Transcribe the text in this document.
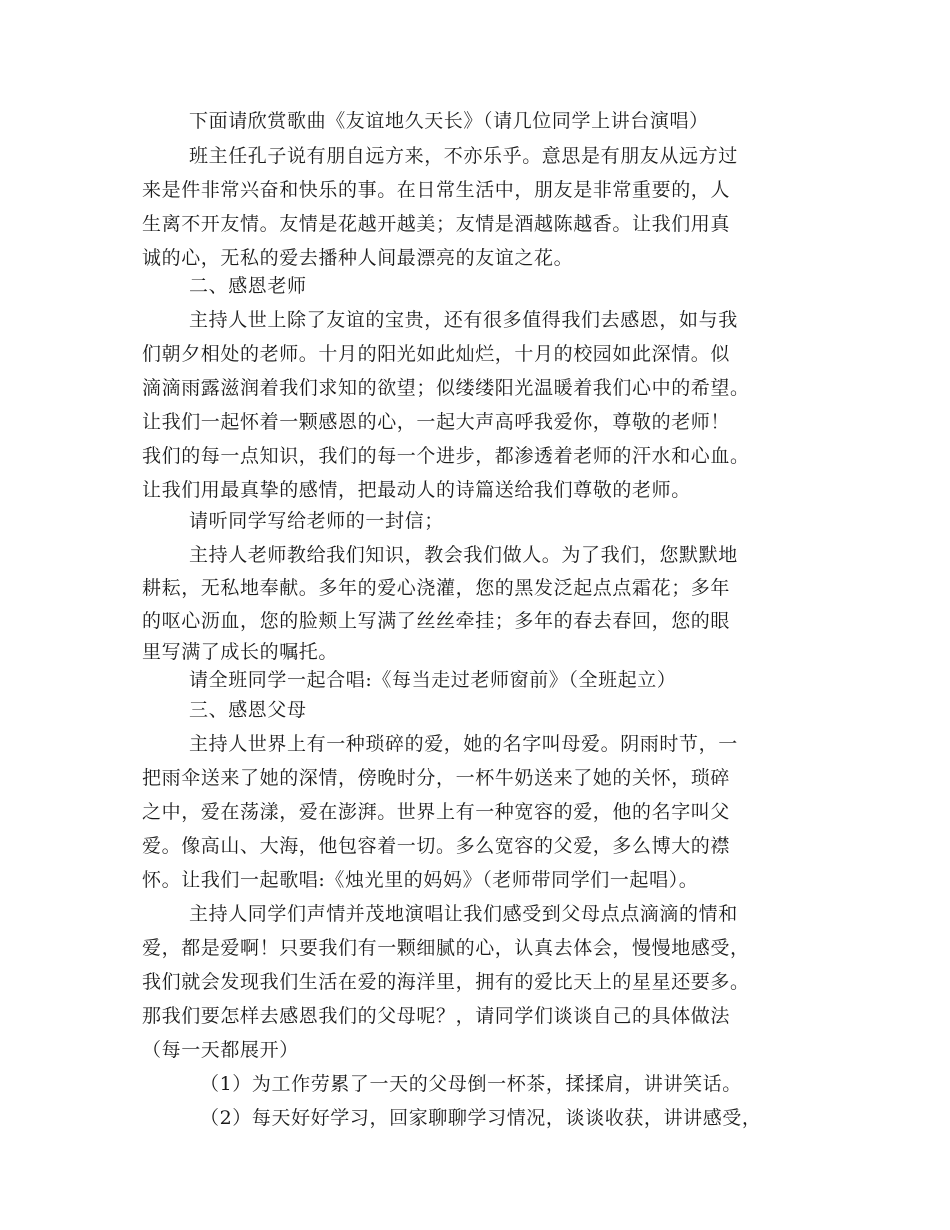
下面请欣赏歌曲《友谊地久天长》（请几位同学上讲台演唱）
班主任孔子说有朋自远方来，不亦乐乎。意思是有朋友从远方过
来是件非常兴奋和快乐的事。在日常生活中，朋友是非常重要的，人
生离不开友情。友情是花越开越美；友情是酒越陈越香。让我们用真
诚的心，无私的爱去播种人间最漂亮的友谊之花。
二、感恩老师
主持人世上除了友谊的宝贵，还有很多值得我们去感恩，如与我
们朝夕相处的老师。十月的阳光如此灿烂，十月的校园如此深情。似
滴滴雨露滋润着我们求知的欲望；似缕缕阳光温暖着我们心中的希望。
让我们一起怀着一颗感恩的心，一起大声高呼我爱你，尊敬的老师！
我们的每一点知识，我们的每一个进步，都渗透着老师的汗水和心血。
让我们用最真挚的感情，把最动人的诗篇送给我们尊敬的老师。
请听同学写给老师的一封信；
主持人老师教给我们知识，教会我们做人。为了我们，您默默地
耕耘，无私地奉献。多年的爱心浇灌，您的黑发泛起点点霜花；多年
的呕心沥血，您的脸颊上写满了丝丝牵挂；多年的春去春回，您的眼
里写满了成长的嘱托。
请全班同学一起合唱:《每当走过老师窗前》（全班起立）
三、感恩父母
主持人世界上有一种琐碎的爱，她的名字叫母爱。阴雨时节，一
把雨伞送来了她的深情，傍晚时分，一杯牛奶送来了她的关怀，琐碎
之中，爱在荡漾，爱在澎湃。世界上有一种宽容的爱，他的名字叫父
爱。像高山、大海，他包容着一切。多么宽容的父爱，多么博大的襟
怀。让我们一起歌唱:《烛光里的妈妈》（老师带同学们一起唱）。
主持人同学们声情并茂地演唱让我们感受到父母点点滴滴的情和
爱，都是爱啊！只要我们有一颗细腻的心，认真去体会，慢慢地感受，
我们就会发现我们生活在爱的海洋里，拥有的爱比天上的星星还要多。
那我们要怎样去感恩我们的父母呢？，请同学们谈谈自己的具体做法
（每一天都展开）
（1）为工作劳累了一天的父母倒一杯茶，揉揉肩，讲讲笑话。
（2）每天好好学习，回家聊聊学习情况，谈谈收获，讲讲感受，
